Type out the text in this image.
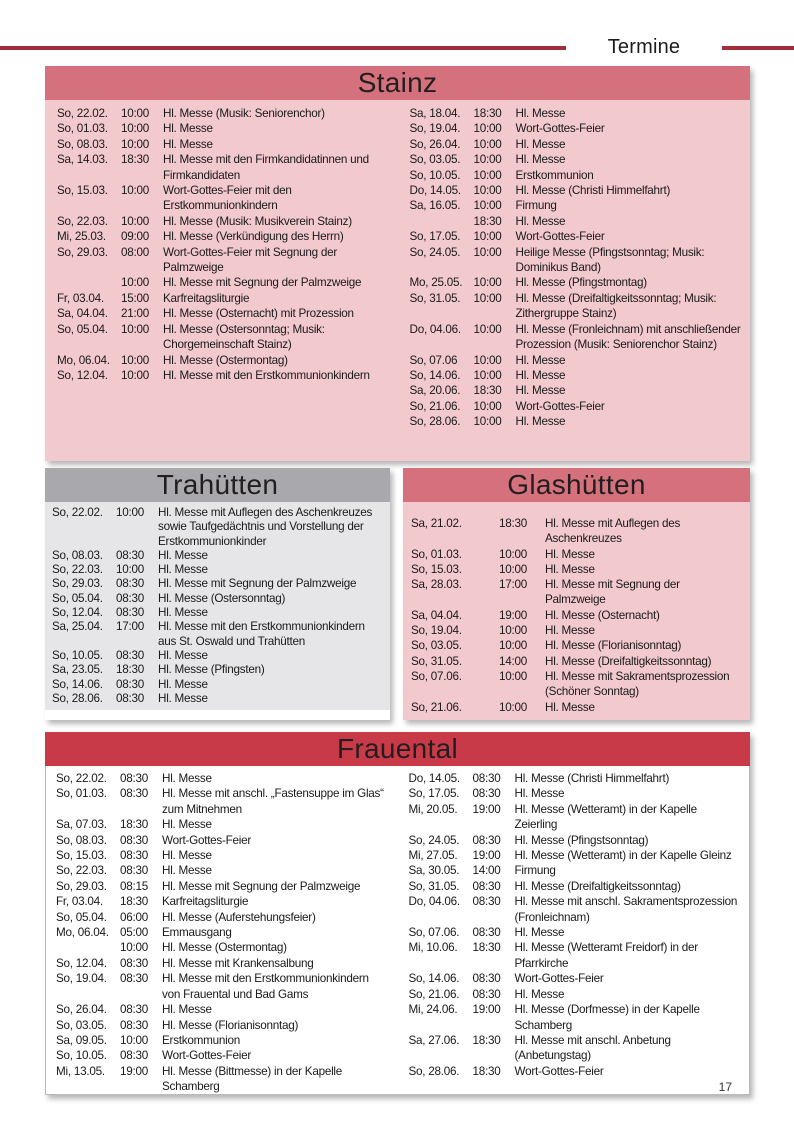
Termine
Stainz
So, 22.02.	10:00	Hl. Messe (Musik: Seniorenchor)
So, 01.03.	10:00	Hl. Messe
So, 08.03.	10:00	Hl. Messe
Sa, 14.03.	18:30	Hl. Messe mit den Firmkandidatinnen und Firmkandidaten
So, 15.03.	10:00	Wort-Gottes-Feier mit den Erstkommunionkindern
So, 22.03.	10:00	Hl. Messe (Musik: Musikverein Stainz)
Mi, 25.03.	09:00	Hl. Messe (Verkündigung des Herrn)
So, 29.03.	08:00	Wort-Gottes-Feier mit Segnung der Palmzweige
10:00	Hl. Messe mit Segnung der Palmzweige
Fr, 03.04.	15:00	Karfreitagsliturgie
Sa, 04.04.	21:00	Hl. Messe (Osternacht) mit Prozession
So, 05.04.	10:00	Hl. Messe (Ostersonntag; Musik: Chorgemeinschaft Stainz)
Mo, 06.04. 10:00	Hl. Messe (Ostermontag)
So, 12.04.	10:00	Hl. Messe mit den Erstkommunionkindern
Sa, 18.04.	18:30	Hl. Messe
So, 19.04.	10:00	Wort-Gottes-Feier
So, 26.04.	10:00	Hl. Messe
So, 03.05.	10:00	Hl. Messe
So, 10.05.	10:00	Erstkommunion
Do, 14.05.	10:00	Hl. Messe (Christi Himmelfahrt)
Sa, 16.05.	10:00	Firmung
18:30	Hl. Messe
So, 17.05.	10:00	Wort-Gottes-Feier
So, 24.05.	10:00	Heilige Messe (Pfingstsonntag; Musik: Dominikus Band)
Mo, 25.05. 10:00	Hl. Messe (Pfingstmontag)
So, 31.05.	10:00	Hl. Messe (Dreifaltigkeitssonntag; Musik: Zithergruppe Stainz)
Do, 04.06.	10:00	Hl. Messe (Fronleichnam) mit anschließender Prozession (Musik: Seniorenchor Stainz)
So, 07.06	10:00	Hl. Messe
So, 14.06.	10:00	Hl. Messe
Sa, 20.06.	18:30	Hl. Messe
So, 21.06.	10:00	Wort-Gottes-Feier
So, 28.06.	10:00	Hl. Messe
Trahütten
So, 22.02.	10:00	Hl. Messe mit Auflegen des Aschenkreuzes sowie Taufgedächtnis und Vorstellung der Erstkommunionkinder
So, 08.03.	08:30	Hl. Messe
So, 22.03.	10:00	Hl. Messe
So, 29.03.	08:30	Hl. Messe mit Segnung der Palmzweige
So, 05.04.	08:30	Hl. Messe (Ostersonntag)
So, 12.04.	08:30	Hl. Messe
Sa, 25.04.	17:00	Hl. Messe mit den Erstkommunionkindern aus St. Oswald und Trahütten
So, 10.05.	08:30	Hl. Messe
Sa, 23.05.	18:30	Hl. Messe (Pfingsten)
So, 14.06.	08:30	Hl. Messe
So, 28.06.	08:30	Hl. Messe
Glashütten
Sa, 21.02.	18:30	Hl. Messe mit Auflegen des Aschenkreuzes
So, 01.03.	10:00	Hl. Messe
So, 15.03.	10:00	Hl. Messe
Sa, 28.03.	17:00	Hl. Messe mit Segnung der Palmzweige
Sa, 04.04.	19:00	Hl. Messe (Osternacht)
So, 19.04.	10:00	Hl. Messe
So, 03.05.	10:00	Hl. Messe (Florianisonntag)
So, 31.05.	14:00	Hl. Messe (Dreifaltigkeitssonntag)
So, 07.06.	10:00	Hl. Messe mit Sakramentsprozession (Schöner Sonntag)
So, 21.06.	10:00	Hl. Messe
Frauental
So, 22.02.	08:30	Hl. Messe
So, 01.03.	08:30	Hl. Messe mit anschl. „Fastensuppe im Glas“ zum Mitnehmen
Sa, 07.03.	18:30	Hl. Messe
So, 08.03.	08:30	Wort-Gottes-Feier
So, 15.03.	08:30	Hl. Messe
So, 22.03.	08:30	Hl. Messe
So, 29.03.	08:15	Hl. Messe mit Segnung der Palmzweige
Fr, 03.04.	18:30	Karfreitagsliturgie
So, 05.04.	06:00	Hl. Messe (Auferstehungsfeier)
Mo, 06.04. 05:00	Emmausgang
10:00	Hl. Messe (Ostermontag)
So, 12.04.	08:30	Hl. Messe mit Krankensalbung
So, 19.04.	08:30	Hl. Messe mit den Erstkommunionkindern von Frauental und Bad Gams
So, 26.04.	08:30	Hl. Messe
So, 03.05.	08:30	Hl. Messe (Florianisonntag)
Sa, 09.05.	10:00	Erstkommunion
So, 10.05.	08:30	Wort-Gottes-Feier
Mi, 13.05.	19:00	Hl. Messe (Bittmesse) in der Kapelle Schamberg
Do, 14.05.	08:30	Hl. Messe (Christi Himmelfahrt)
So, 17.05.	08:30	Hl. Messe
Mi, 20.05.	19:00	Hl. Messe (Wetteramt) in der Kapelle Zeierling
So, 24.05.	08:30	Hl. Messe (Pfingstsonntag)
Mi, 27.05.	19:00	Hl. Messe (Wetteramt) in der Kapelle Gleinz
Sa, 30.05.	14:00	Firmung
So, 31.05.	08:30	Hl. Messe (Dreifaltigkeitssonntag)
Do, 04.06.	08:30	Hl. Messe mit anschl. Sakramentsprozession (Fronleichnam)
So, 07.06.	08:30	Hl. Messe
Mi, 10.06.	18:30	Hl. Messe (Wetteramt Freidorf) in der Pfarrkirche
So, 14.06.	08:30	Wort-Gottes-Feier
So, 21.06.	08:30	Hl. Messe
Mi, 24.06.	19:00	Hl. Messe (Dorfmesse) in der Kapelle Schamberg
Sa, 27.06.	18:30	Hl. Messe mit anschl. Anbetung (Anbetungstag)
So, 28.06.	18:30	Wort-Gottes-Feier
17
